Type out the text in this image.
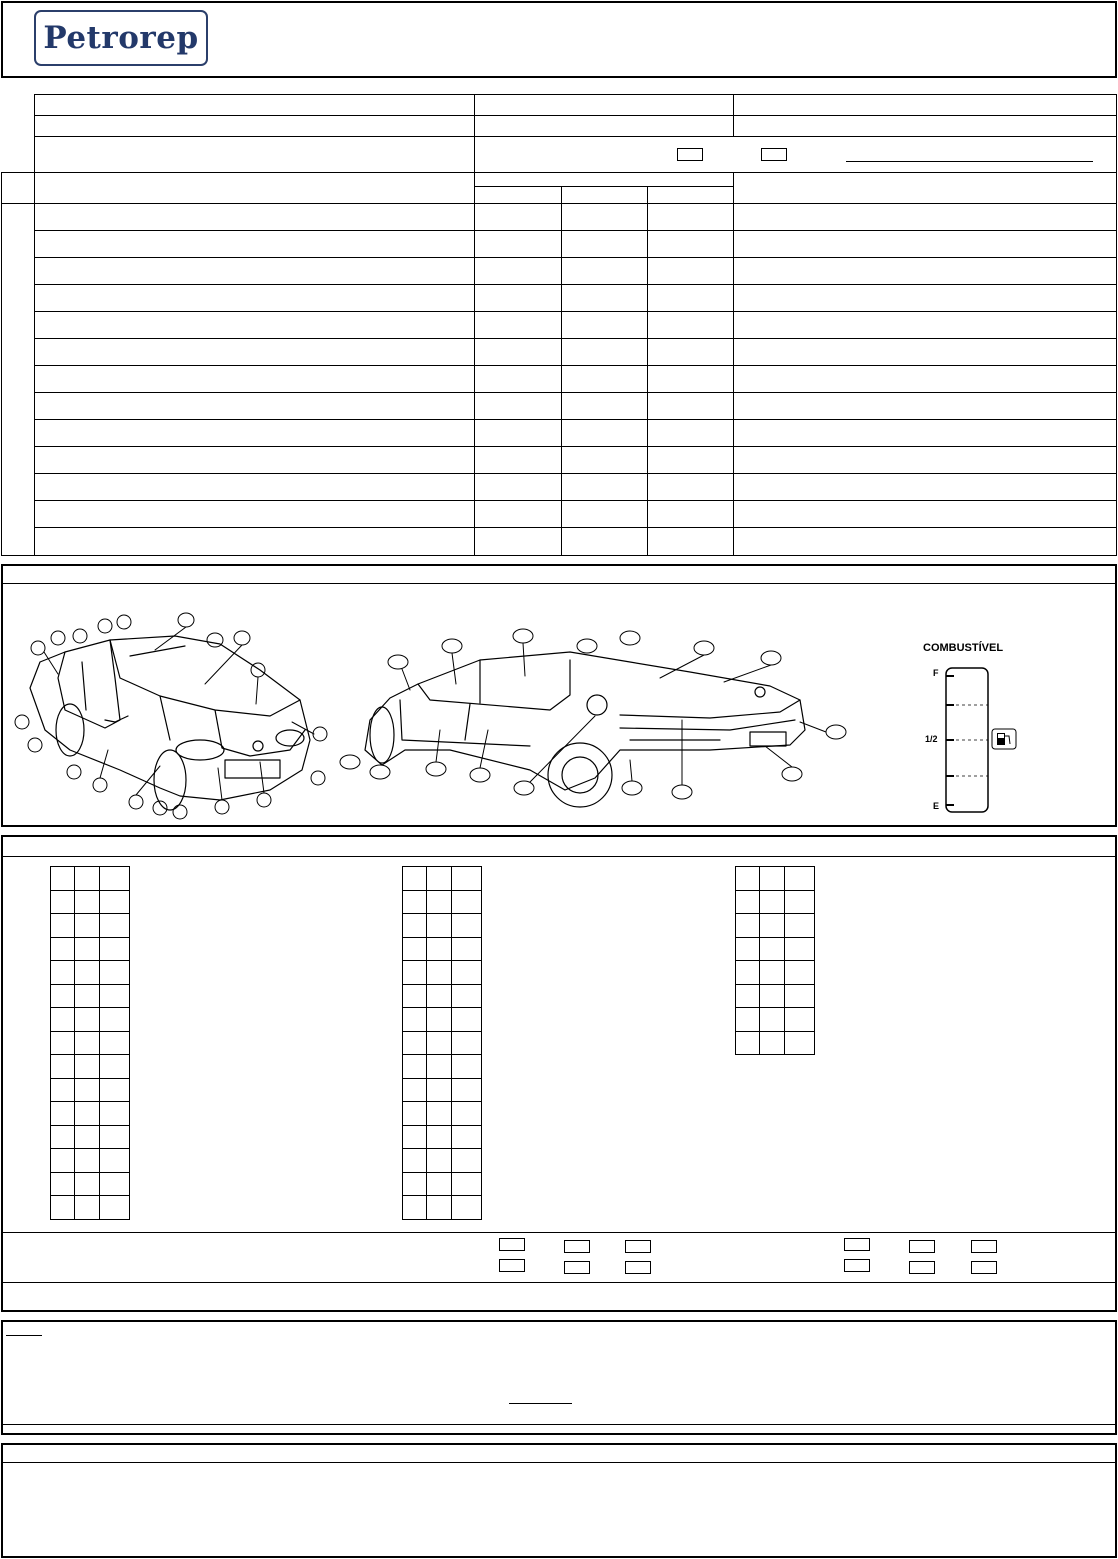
Petrorep
COMBUSTÍVEL
F
1/2
E
